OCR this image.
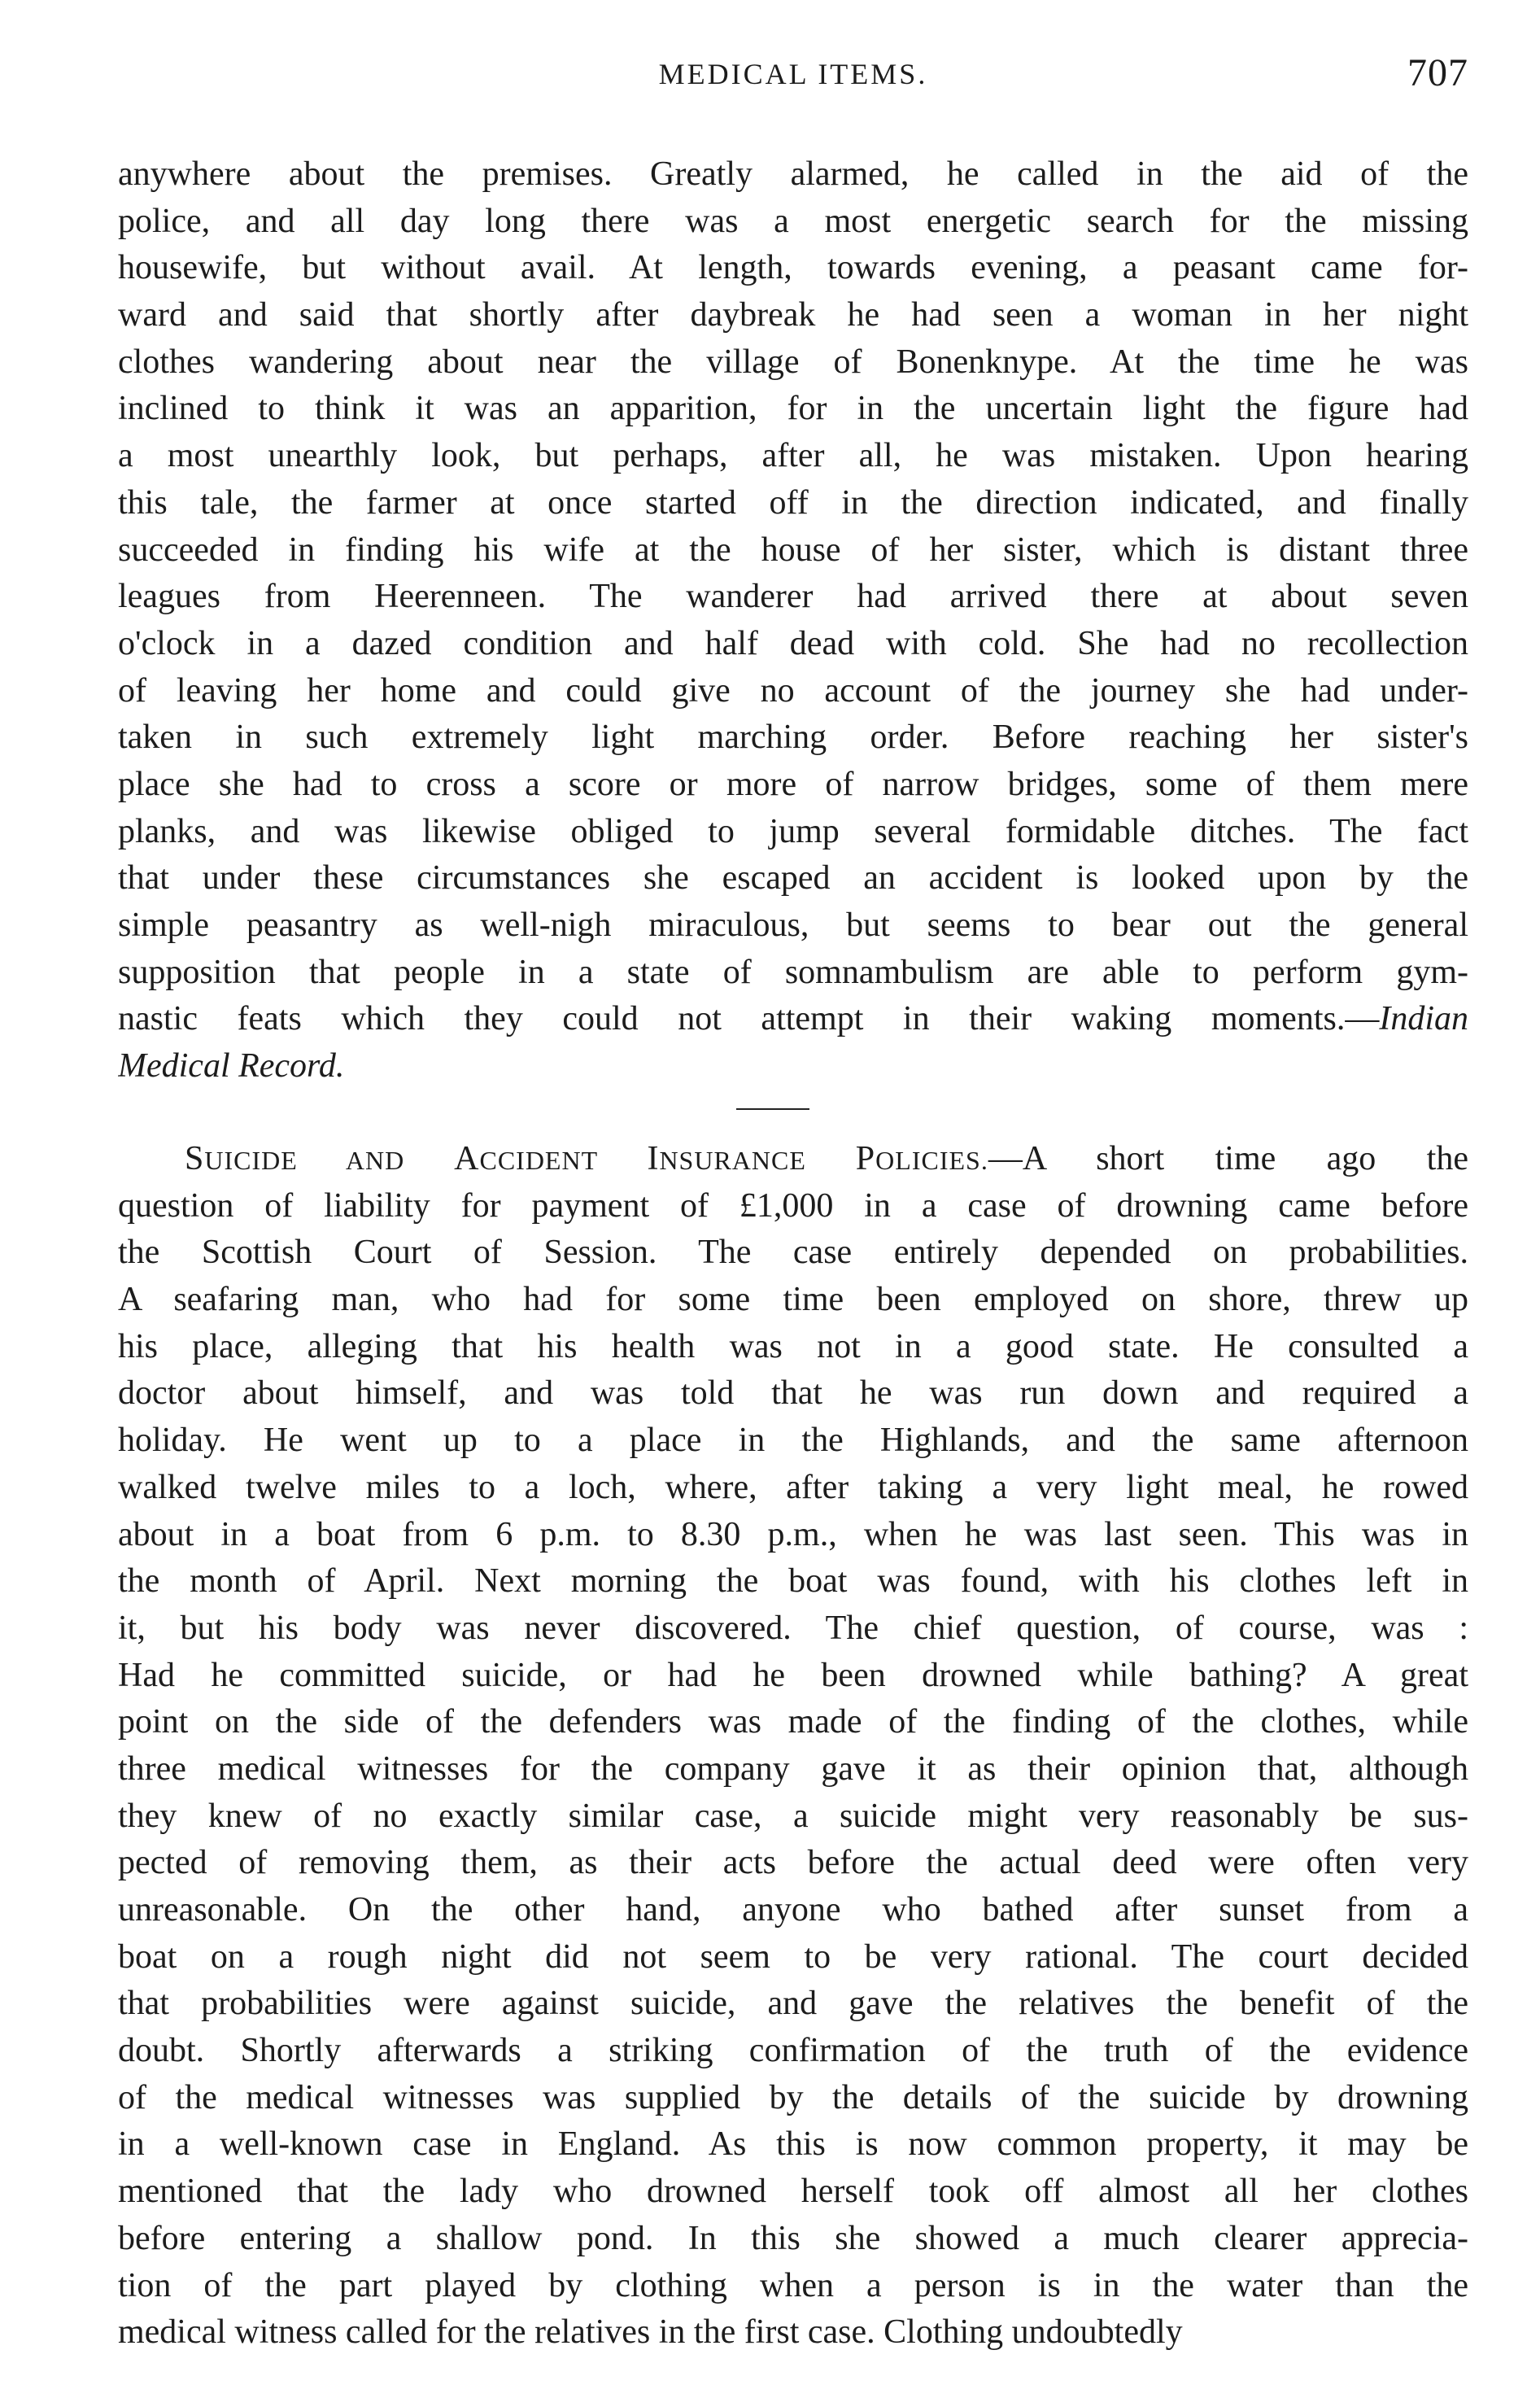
MEDICAL ITEMS.	707
anywhere about the premises. Greatly alarmed, he called in the aid of the
police, and all day long there was a most energetic search for the missing
housewife, but without avail. At length, towards evening, a peasant came for-
ward and said that shortly after daybreak he had seen a woman in her night
clothes wandering about near the village of Bonenknype. At the time he was
inclined to think it was an apparition, for in the uncertain light the figure had
a most unearthly look, but perhaps, after all, he was mistaken. Upon hearing
this tale, the farmer at once started off in the direction indicated, and finally
succeeded in finding his wife at the house of her sister, which is distant three
leagues from Heerenneen. The wanderer had arrived there at about seven
o'clock in a dazed condition and half dead with cold. She had no recollection
of leaving her home and could give no account of the journey she had under-
taken in such extremely light marching order. Before reaching her sister's
place she had to cross a score or more of narrow bridges, some of them mere
planks, and was likewise obliged to jump several formidable ditches. The fact
that under these circumstances she escaped an accident is looked upon by the
simple peasantry as well-nigh miraculous, but seems to bear out the general
supposition that people in a state of somnambulism are able to perform gym-
nastic feats which they could not attempt in their waking moments.—Indian
Medical Record.
SUICIDE AND ACCIDENT INSURANCE POLICIES.—A short time ago the
question of liability for payment of £1,000 in a case of drowning came before
the Scottish Court of Session. The case entirely depended on probabilities.
A seafaring man, who had for some time been employed on shore, threw up
his place, alleging that his health was not in a good state. He consulted a
doctor about himself, and was told that he was run down and required a
holiday. He went up to a place in the Highlands, and the same afternoon
walked twelve miles to a loch, where, after taking a very light meal, he rowed
about in a boat from 6 p.m. to 8.30 p.m., when he was last seen. This was in
the month of April. Next morning the boat was found, with his clothes left in
it, but his body was never discovered. The chief question, of course, was :
Had he committed suicide, or had he been drowned while bathing? A great
point on the side of the defenders was made of the finding of the clothes, while
three medical witnesses for the company gave it as their opinion that, although
they knew of no exactly similar case, a suicide might very reasonably be sus-
pected of removing them, as their acts before the actual deed were often very
unreasonable. On the other hand, anyone who bathed after sunset from a
boat on a rough night did not seem to be very rational. The court decided
that probabilities were against suicide, and gave the relatives the benefit of the
doubt. Shortly afterwards a striking confirmation of the truth of the evidence
of the medical witnesses was supplied by the details of the suicide by drowning
in a well-known case in England. As this is now common property, it may be
mentioned that the lady who drowned herself took off almost all her clothes
before entering a shallow pond. In this she showed a much clearer apprecia-
tion of the part played by clothing when a person is in the water than the
medical witness called for the relatives in the first case. Clothing undoubtedly
